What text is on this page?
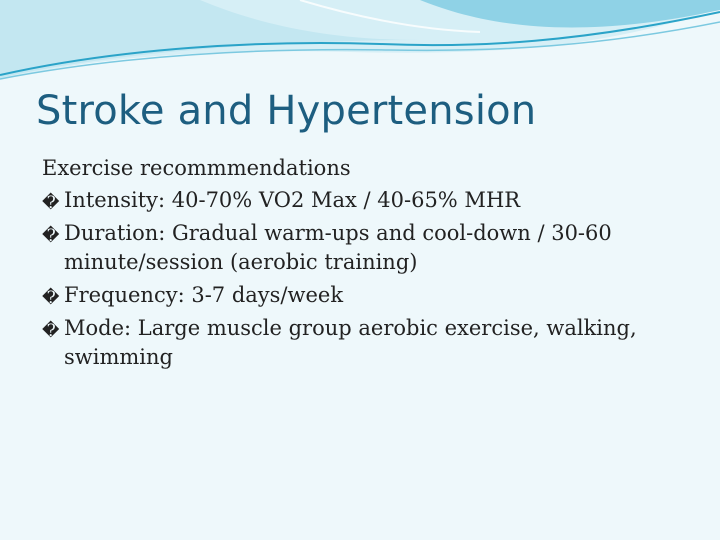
Stroke and Hypertension

Exercise recommmendations

� Intensity: 40-70% VO2 Max / 40-65% MHR

� Duration: Gradual warm-ups and cool-down / 30-60 minute/session (aerobic training)

� Frequency: 3-7 days/week

� Mode: Large muscle group aerobic exercise, walking, swimming
